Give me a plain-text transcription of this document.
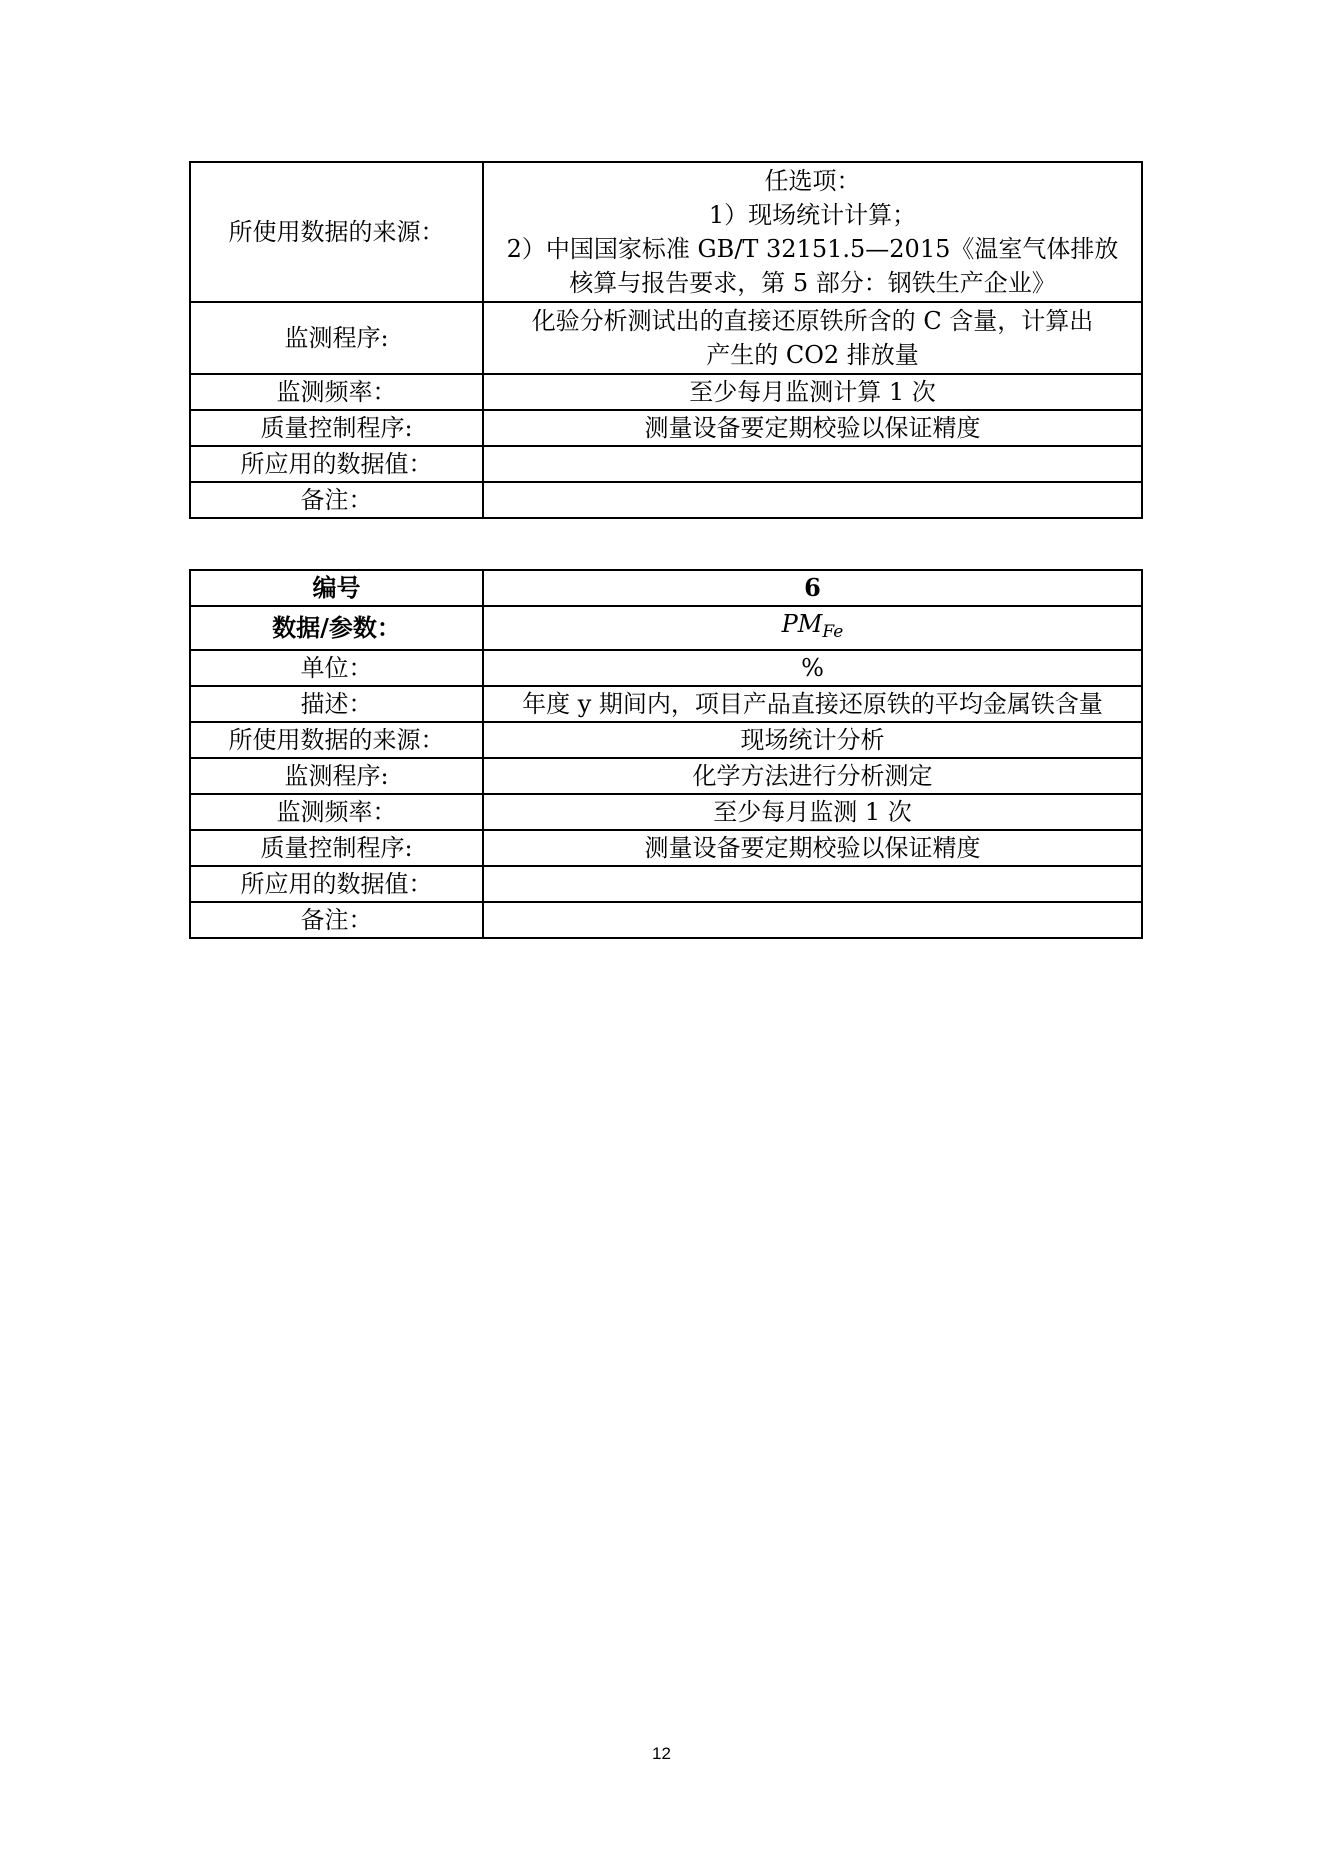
所使用数据的来源：	任选项：
1）现场统计计算；
2）中国国家标准 GB/T 32151.5—2015《温室气体排放
核算与报告要求，第 5 部分：钢铁生产企业》

监测程序:	化验分析测试出的直接还原铁所含的 C 含量，计算出
产生的 CO2 排放量

监测频率：	至少每月监测计算 1 次
质量控制程序:	测量设备要定期校验以保证精度
所应用的数据值：	
备注：	
编号	6
数据/参数：	$PM_{Fe}$
单位：	%
描述：	年度 y 期间内，项目产品直接还原铁的平均金属铁含量
所使用数据的来源：	现场统计分析
监测程序:	化学方法进行分析测定
监测频率：	至少每月监测 1 次
质量控制程序:	测量设备要定期校验以保证精度
所应用的数据值：	
备注：	
12
